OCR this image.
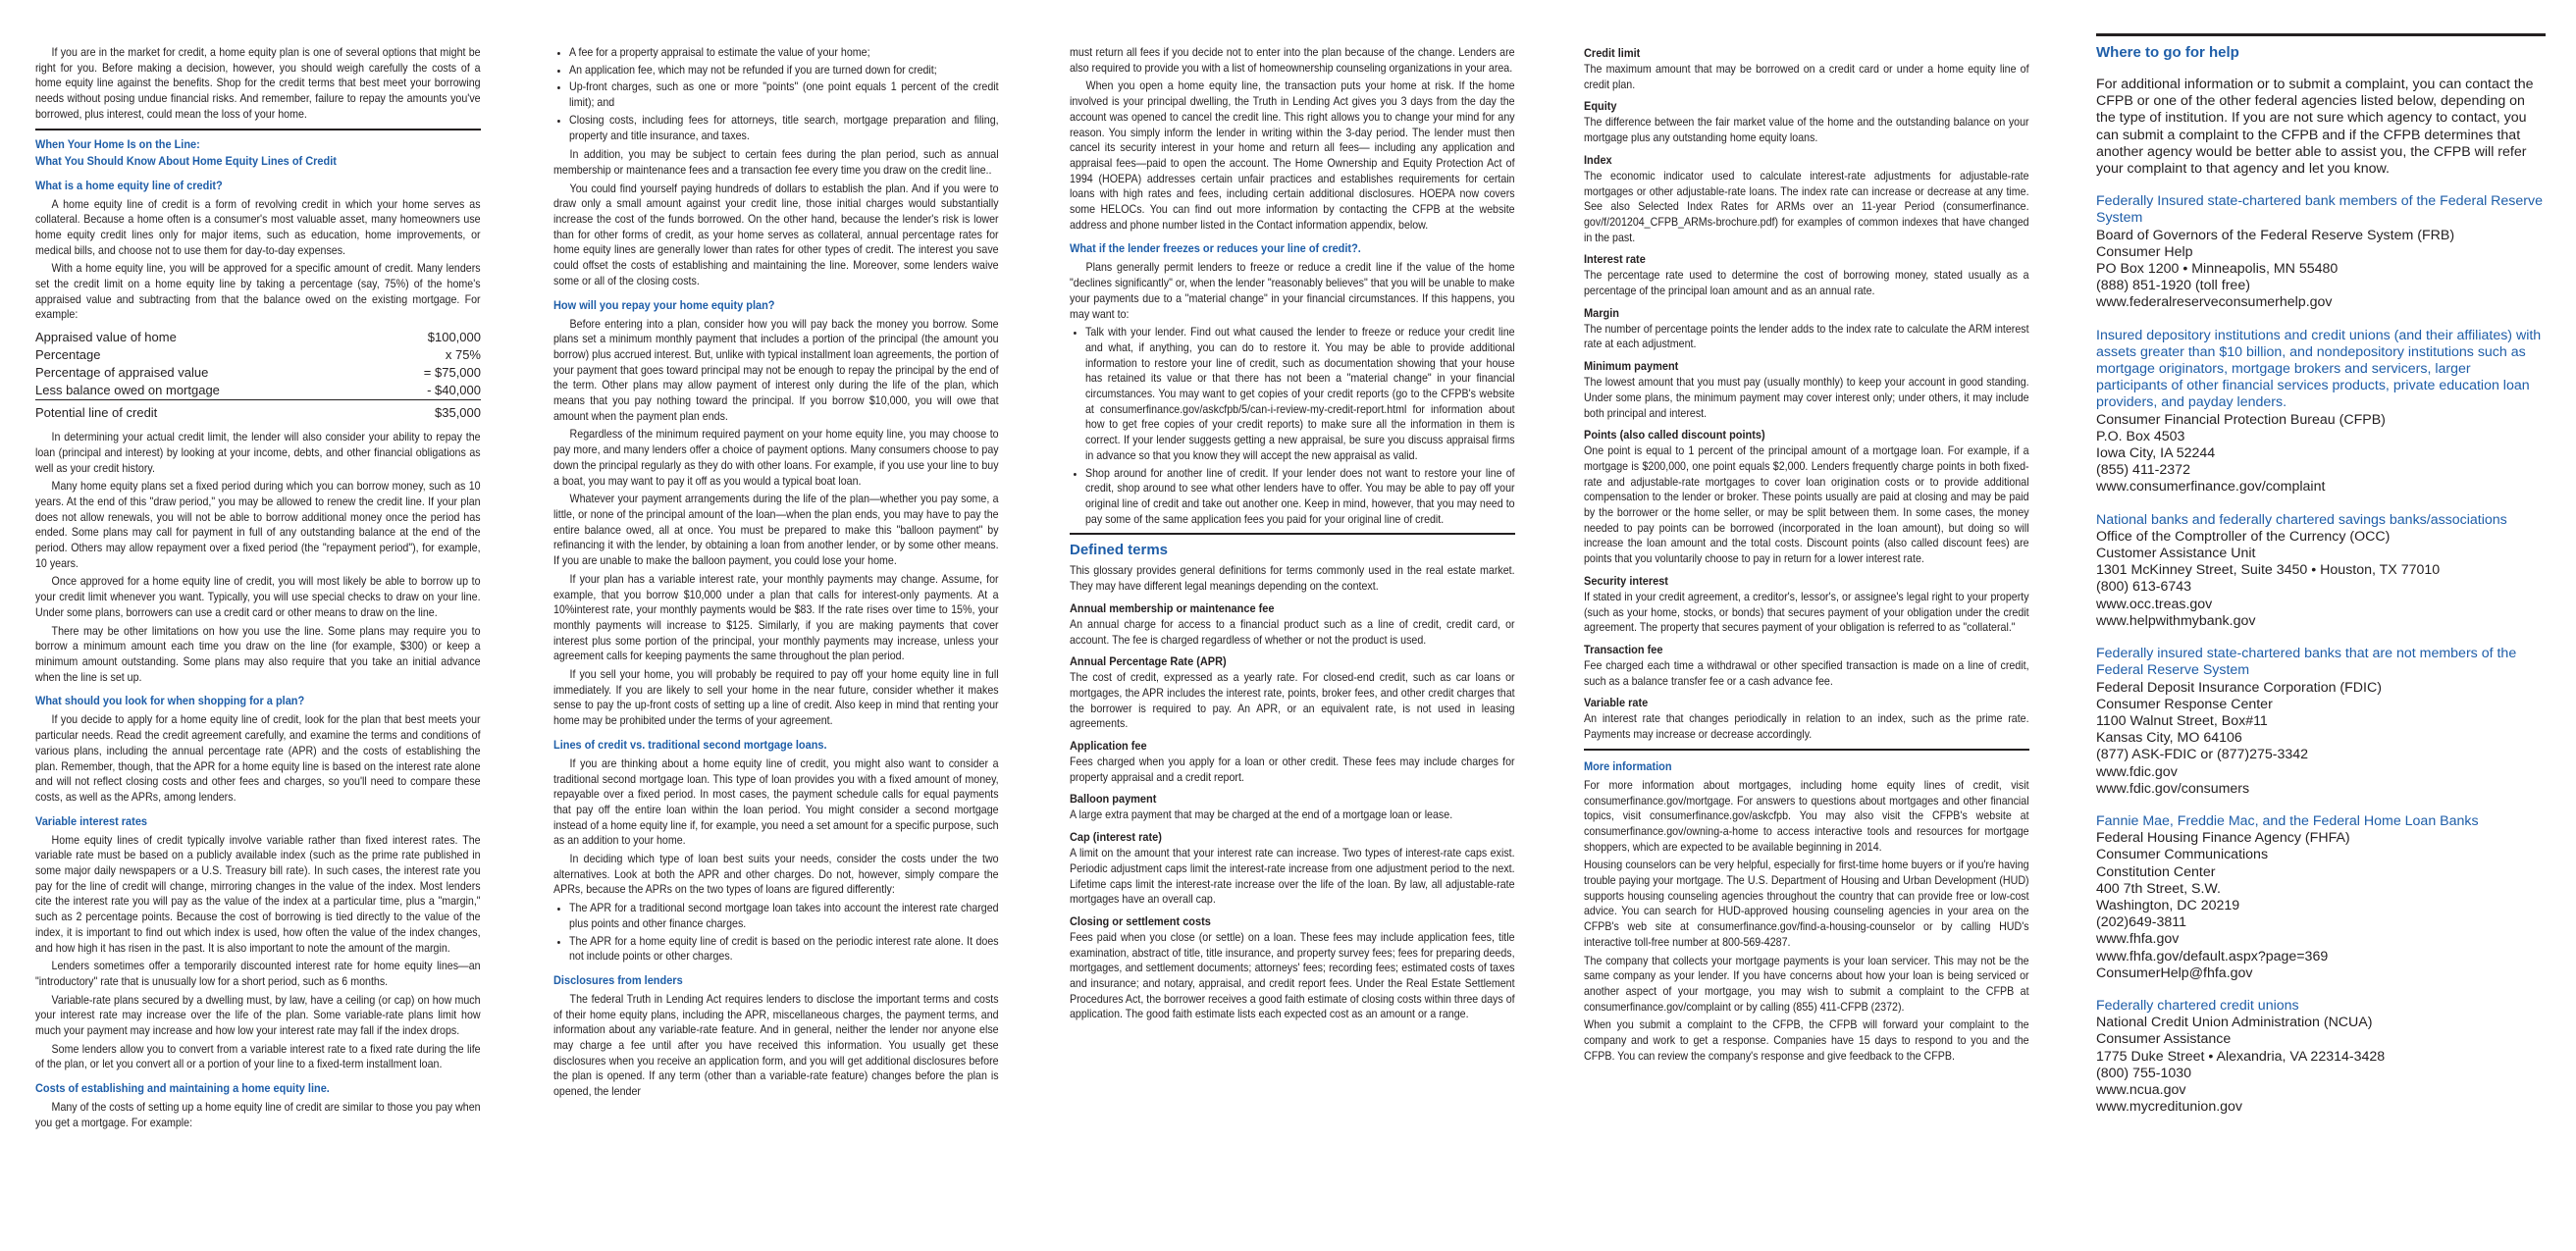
If you are in the market for credit, a home equity plan is one of several options that might be right for you. Before making a decision, however, you should weigh carefully the costs of a home equity line against the benefits. Shop for the credit terms that best meet your borrowing needs without posing undue financial risks. And remember, failure to repay the amounts you've borrowed, plus interest, could mean the loss of your home.

When Your Home Is on the Line:
What You Should Know About Home Equity Lines of Credit
What is a home equity line of credit?

A home equity line of credit is a form of revolving credit in which your home serves as collateral. Because a home often is a consumer's most valuable asset, many homeowners use home equity credit lines only for major items, such as education, home improvements, or medical bills, and choose not to use them for day-to-day expenses.

With a home equity line, you will be approved for a specific amount of credit. Many lenders set the credit limit on a home equity line by taking a percentage (say, 75%) of the home's appraised value and subtracting from that the balance owed on the existing mortgage. For example:

Appraised value of home	$100,000
Percentage	x 75%
Percentage of appraised value	= $75,000
Less balance owed on mortgage	- $40,000
Potential line of credit	$35,000

In determining your actual credit limit, the lender will also consider your ability to repay the loan (principal and interest) by looking at your income, debts, and other financial obligations as well as your credit history.

Many home equity plans set a fixed period during which you can borrow money, such as 10 years. At the end of this "draw period," you may be allowed to renew the credit line. If your plan does not allow renewals, you will not be able to borrow additional money once the period has ended. Some plans may call for payment in full of any outstanding balance at the end of the period. Others may allow repayment over a fixed period (the "repayment period"), for example, 10 years.

Once approved for a home equity line of credit, you will most likely be able to borrow up to your credit limit whenever you want. Typically, you will use special checks to draw on your line. Under some plans, borrowers can use a credit card or other means to draw on the line.

There may be other limitations on how you use the line. Some plans may require you to borrow a minimum amount each time you draw on the line (for example, $300) or keep a minimum amount outstanding. Some plans may also require that you take an initial advance when the line is set up.

What should you look for when shopping for a plan?

If you decide to apply for a home equity line of credit, look for the plan that best meets your particular needs. Read the credit agreement carefully, and examine the terms and conditions of various plans, including the annual percentage rate (APR) and the costs of establishing the plan. Remember, though, that the APR for a home equity line is based on the interest rate alone and will not reflect closing costs and other fees and charges, so you'll need to compare these costs, as well as the APRs, among lenders.

Variable interest rates

Home equity lines of credit typically involve variable rather than fixed interest rates. The variable rate must be based on a publicly available index (such as the prime rate published in some major daily newspapers or a U.S. Treasury bill rate). In such cases, the interest rate you pay for the line of credit will change, mirroring changes in the value of the index. Most lenders cite the interest rate you will pay as the value of the index at a particular time, plus a "margin," such as 2 percentage points. Because the cost of borrowing is tied directly to the value of the index, it is important to find out which index is used, how often the value of the index changes, and how high it has risen in the past. It is also important to note the amount of the margin.

Lenders sometimes offer a temporarily discounted interest rate for home equity lines—an "introductory" rate that is unusually low for a short period, such as 6 months.

Variable-rate plans secured by a dwelling must, by law, have a ceiling (or cap) on how much your interest rate may increase over the life of the plan. Some variable-rate plans limit how much your payment may increase and how low your interest rate may fall if the index drops.

Some lenders allow you to convert from a variable interest rate to a fixed rate during the life of the plan, or let you convert all or a portion of your line to a fixed-term installment loan.

Costs of establishing and maintaining a home equity line.

Many of the costs of setting up a home equity line of credit are similar to those you pay when you get a mortgage. For example:

• A fee for a property appraisal to estimate the value of your home;
• An application fee, which may not be refunded if you are turned down for credit;
• Up-front charges, such as one or more "points" (one point equals 1 percent of the credit limit); and
• Closing costs, including fees for attorneys, title search, mortgage preparation and filing, property and title insurance, and taxes.

In addition, you may be subject to certain fees during the plan period, such as annual membership or maintenance fees and a transaction fee every time you draw on the credit line..

You could find yourself paying hundreds of dollars to establish the plan. And if you were to draw only a small amount against your credit line, those initial charges would substantially increase the cost of the funds borrowed. On the other hand, because the lender's risk is lower than for other forms of credit, as your home serves as collateral, annual percentage rates for home equity lines are generally lower than rates for other types of credit. The interest you save could offset the costs of establishing and maintaining the line. Moreover, some lenders waive some or all of the closing costs.

How will you repay your home equity plan?

Before entering into a plan, consider how you will pay back the money you borrow. Some plans set a minimum monthly payment that includes a portion of the principal (the amount you borrow) plus accrued interest. But, unlike with typical installment loan agreements, the portion of your payment that goes toward principal may not be enough to repay the principal by the end of the term. Other plans may allow payment of interest only during the life of the plan, which means that you pay nothing toward the principal. If you borrow $10,000, you will owe that amount when the payment plan ends.

Regardless of the minimum required payment on your home equity line, you may choose to pay more, and many lenders offer a choice of payment options. Many consumers choose to pay down the principal regularly as they do with other loans. For example, if you use your line to buy a boat, you may want to pay it off as you would a typical boat loan.

Whatever your payment arrangements during the life of the plan—whether you pay some, a little, or none of the principal amount of the loan—when the plan ends, you may have to pay the entire balance owed, all at once. You must be prepared to make this "balloon payment" by refinancing it with the lender, by obtaining a loan from another lender, or by some other means. If you are unable to make the balloon payment, you could lose your home.

If your plan has a variable interest rate, your monthly payments may change. Assume, for example, that you borrow $10,000 under a plan that calls for interest-only payments. At a 10%interest rate, your monthly payments would be $83. If the rate rises over time to 15%, your monthly payments will increase to $125. Similarly, if you are making payments that cover interest plus some portion of the principal, your monthly payments may increase, unless your agreement calls for keeping payments the same throughout the plan period.

If you sell your home, you will probably be required to pay off your home equity line in full immediately. If you are likely to sell your home in the near future, consider whether it makes sense to pay the up-front costs of setting up a line of credit. Also keep in mind that renting your home may be prohibited under the terms of your agreement.

Lines of credit vs. traditional second mortgage loans.

If you are thinking about a home equity line of credit, you might also want to consider a traditional second mortgage loan. This type of loan provides you with a fixed amount of money, repayable over a fixed period. In most cases, the payment schedule calls for equal payments that pay off the entire loan within the loan period. You might consider a second mortgage instead of a home equity line if, for example, you need a set amount for a specific purpose, such as an addition to your home.

In deciding which type of loan best suits your needs, consider the costs under the two alternatives. Look at both the APR and other charges. Do not, however, simply compare the APRs, because the APRs on the two types of loans are figured differently:

• The APR for a traditional second mortgage loan takes into account the interest rate charged plus points and other finance charges.
• The APR for a home equity line of credit is based on the periodic interest rate alone. It does not include points or other charges.
Disclosures from lenders

The federal Truth in Lending Act requires lenders to disclose the important terms and costs of their home equity plans, including the APR, miscellaneous charges, the payment terms, and information about any variable-rate feature. And in general, neither the lender nor anyone else may charge a fee until after you have received this information. You usually get these disclosures when you receive an application form, and you will get additional disclosures before the plan is opened. If any term (other than a variable-rate feature) changes before the plan is opened, the lender

must return all fees if you decide not to enter into the plan because of the change. Lenders are also required to provide you with a list of homeownership counseling organizations in your area.

When you open a home equity line, the transaction puts your home at risk. If the home involved is your principal dwelling, the Truth in Lending Act gives you 3 days from the day the account was opened to cancel the credit line. This right allows you to change your mind for any reason. You simply inform the lender in writing within the 3-day period. The lender must then cancel its security interest in your home and return all fees— including any application and appraisal fees—paid to open the account. The Home Ownership and Equity Protection Act of 1994 (HOEPA) addresses certain unfair practices and establishes requirements for certain loans with high rates and fees, including certain additional disclosures. HOEPA now covers some HELOCs. You can find out more information by contacting the CFPB at the website address and phone number listed in the Contact information appendix, below.

What if the lender freezes or reduces your line of credit?.

Plans generally permit lenders to freeze or reduce a credit line if the value of the home "declines significantly" or, when the lender "reasonably believes" that you will be unable to make your payments due to a "material change" in your financial circumstances. If this happens, you may want to:

• Talk with your lender. Find out what caused the lender to freeze or reduce your credit line and what, if anything, you can do to restore it. You may be able to provide additional information to restore your line of credit, such as documentation showing that your house has retained its value or that there has not been a "material change" in your financial circumstances. You may want to get copies of your credit reports (go to the CFPB's website at consumerfinance.gov/askcfpb/5/can-i-review-my-credit-report.html for information about how to get free copies of your credit reports) to make sure all the information in them is correct. If your lender suggests getting a new appraisal, be sure you discuss appraisal firms in advance so that you know they will accept the new appraisal as valid.
• Shop around for another line of credit. If your lender does not want to restore your line of credit, shop around to see what other lenders have to offer. You may be able to pay off your original line of credit and take out another one. Keep in mind, however, that you may need to pay some of the same application fees you paid for your original line of credit.
Defined terms

This glossary provides general definitions for terms commonly used in the real estate market. They may have different legal meanings depending on the context.

Annual membership or maintenance fee

An annual charge for access to a financial product such as a line of credit, credit card, or account. The fee is charged regardless of whether or not the product is used.

Annual Percentage Rate (APR)

The cost of credit, expressed as a yearly rate. For closed-end credit, such as car loans or mortgages, the APR includes the interest rate, points, broker fees, and other credit charges that the borrower is required to pay. An APR, or an equivalent rate, is not used in leasing agreements.

Application fee

Fees charged when you apply for a loan or other credit. These fees may include charges for property appraisal and a credit report.

Balloon payment

A large extra payment that may be charged at the end of a mortgage loan or lease.

Cap (interest rate)

A limit on the amount that your interest rate can increase. Two types of interest-rate caps exist. Periodic adjustment caps limit the interest-rate increase from one adjustment period to the next. Lifetime caps limit the interest-rate increase over the life of the loan. By law, all adjustable-rate mortgages have an overall cap.

Closing or settlement costs

Fees paid when you close (or settle) on a loan. These fees may include application fees, title examination, abstract of title, title insurance, and property survey fees; fees for preparing deeds, mortgages, and settlement documents; attorneys' fees; recording fees; estimated costs of taxes and insurance; and notary, appraisal, and credit report fees. Under the Real Estate Settlement Procedures Act, the borrower receives a good faith estimate of closing costs within three days of application. The good faith estimate lists each expected cost as an amount or a range.

Credit limit

The maximum amount that may be borrowed on a credit card or under a home equity line of credit plan.

Equity

The difference between the fair market value of the home and the outstanding balance on your mortgage plus any outstanding home equity loans.

Index

The economic indicator used to calculate interest-rate adjustments for adjustable-rate mortgages or other adjustable-rate loans. The index rate can increase or decrease at any time. See also Selected Index Rates for ARMs over an 11-year Period (consumerfinance. gov/f/201204_CFPB_ARMs-brochure.pdf) for examples of common indexes that have changed in the past.

Interest rate

The percentage rate used to determine the cost of borrowing money, stated usually as a percentage of the principal loan amount and as an annual rate.

Margin

The number of percentage points the lender adds to the index rate to calculate the ARM interest rate at each adjustment.

Minimum payment

The lowest amount that you must pay (usually monthly) to keep your account in good standing. Under some plans, the minimum payment may cover interest only; under others, it may include both principal and interest.

Points (also called discount points)

One point is equal to 1 percent of the principal amount of a mortgage loan. For example, if a mortgage is $200,000, one point equals $2,000. Lenders frequently charge points in both fixed-rate and adjustable-rate mortgages to cover loan origination costs or to provide additional compensation to the lender or broker. These points usually are paid at closing and may be paid by the borrower or the home seller, or may be split between them. In some cases, the money needed to pay points can be borrowed (incorporated in the loan amount), but doing so will increase the loan amount and the total costs. Discount points (also called discount fees) are points that you voluntarily choose to pay in return for a lower interest rate.

Security interest

If stated in your credit agreement, a creditor's, lessor's, or assignee's legal right to your property (such as your home, stocks, or bonds) that secures payment of your obligation under the credit agreement. The property that secures payment of your obligation is referred to as "collateral."

Transaction fee

Fee charged each time a withdrawal or other specified transaction is made on a line of credit, such as a balance transfer fee or a cash advance fee.

Variable rate

An interest rate that changes periodically in relation to an index, such as the prime rate. Payments may increase or decrease accordingly.

More information

For more information about mortgages, including home equity lines of credit, visit consumerfinance.gov/mortgage. For answers to questions about mortgages and other financial topics, visit consumerfinance.gov/askcfpb. You may also visit the CFPB's website at consumerfinance.gov/owning-a-home to access interactive tools and resources for mortgage shoppers, which are expected to be available beginning in 2014.

Housing counselors can be very helpful, especially for first-time home buyers or if you're having trouble paying your mortgage. The U.S. Department of Housing and Urban Development (HUD) supports housing counseling agencies throughout the country that can provide free or low-cost advice. You can search for HUD-approved housing counseling agencies in your area on the CFPB's web site at consumerfinance.gov/find-a-housing-counselor or by calling HUD's interactive toll-free number at 800-569-4287.

The company that collects your mortgage payments is your loan servicer. This may not be the same company as your lender. If you have concerns about how your loan is being serviced or another aspect of your mortgage, you may wish to submit a complaint to the CFPB at consumerfinance.gov/complaint or by calling (855) 411-CFPB (2372).

When you submit a complaint to the CFPB, the CFPB will forward your complaint to the company and work to get a response. Companies have 15 days to respond to you and the CFPB. You can review the company's response and give feedback to the CFPB.

Where to go for help
For additional information or to submit a complaint, you can contact the CFPB or one of the other federal agencies listed below, depending on the type of institution. If you are not sure which agency to contact, you can submit a complaint to the CFPB and if the CFPB determines that another agency would be better able to assist you, the CFPB will refer your complaint to that agency and let you know.
Federally Insured state-chartered bank members of the Federal Reserve System
Board of Governors of the Federal Reserve System (FRB)
Consumer Help
PO Box 1200 • Minneapolis, MN 55480
(888) 851-1920 (toll free)
www.federalreserveconsumerhelp.gov
Insured depository institutions and credit unions (and their affiliates) with assets greater than $10 billion, and nondepository institutions such as mortgage originators, mortgage brokers and servicers, larger participants of other financial services products, private education loan providers, and payday lenders.
Consumer Financial Protection Bureau (CFPB)
P.O. Box 4503
Iowa City, IA 52244
(855) 411-2372
www.consumerfinance.gov/complaint
National banks and federally chartered savings banks/associations
Office of the Comptroller of the Currency (OCC)
Customer Assistance Unit
1301 McKinney Street, Suite 3450 • Houston, TX 77010
(800) 613-6743
www.occ.treas.gov
www.helpwithmybank.gov
Federally insured state-chartered banks that are not members of the Federal Reserve System
Federal Deposit Insurance Corporation (FDIC)
Consumer Response Center
1100 Walnut Street, Box#11
Kansas City, MO 64106
(877) ASK-FDIC or (877)275-3342
www.fdic.gov
www.fdic.gov/consumers
Fannie Mae, Freddie Mac, and the Federal Home Loan Banks
Federal Housing Finance Agency (FHFA)
Consumer Communications
Constitution Center
400 7th Street, S.W.
Washington, DC 20219
(202)649-3811
www.fhfa.gov
www.fhfa.gov/default.aspx?page=369
ConsumerHelp@fhfa.gov
Federally chartered credit unions
National Credit Union Administration (NCUA)
Consumer Assistance
1775 Duke Street • Alexandria, VA 22314-3428
(800) 755-1030
www.ncua.gov
www.mycreditunion.gov
